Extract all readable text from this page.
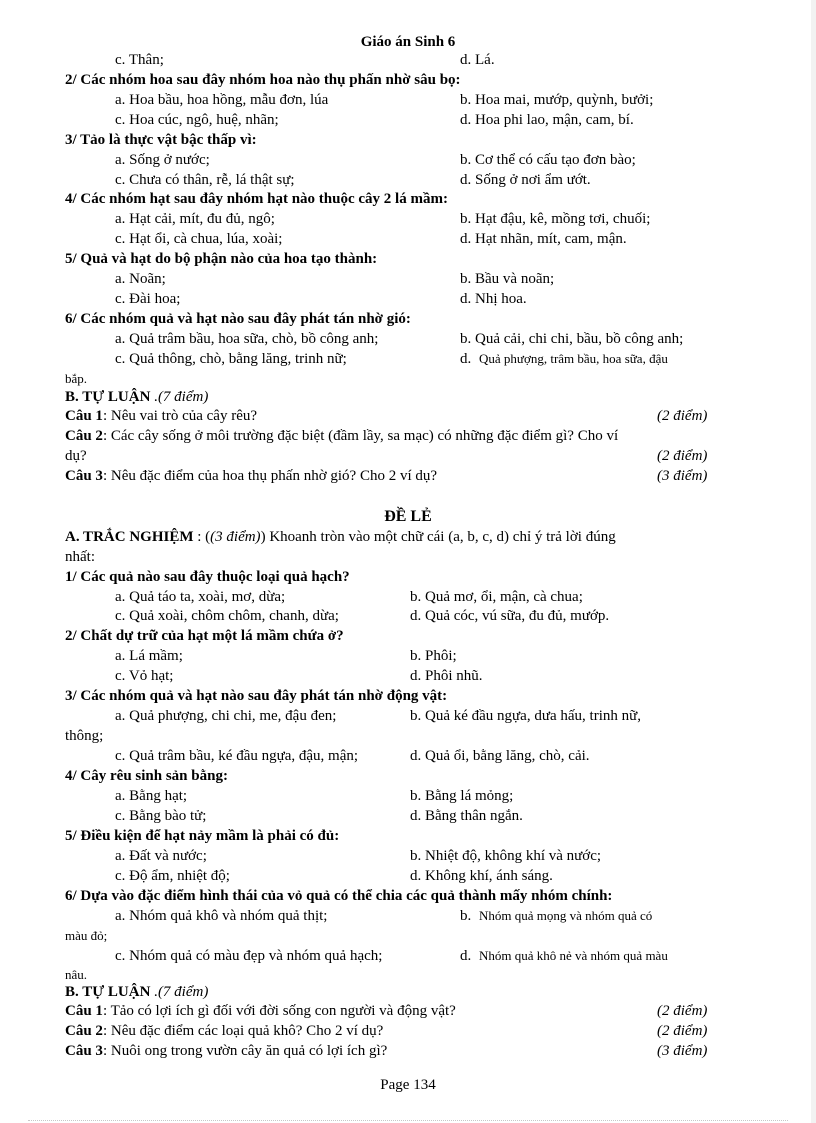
Giáo án Sinh 6
c. Thân;	d. Lá.
2/ Các nhóm hoa sau đây nhóm hoa nào thụ phấn nhờ sâu bọ:
a. Hoa bầu, hoa hồng, mẫu đơn, lúa	b. Hoa mai, mướp, quỳnh, bưởi;
c. Hoa cúc, ngô, huệ, nhãn;	d. Hoa phi lao, mận, cam, bí.
3/ Tảo là thực vật bậc thấp vì:
a. Sống ở nước;	b. Cơ thể có cấu tạo đơn bào;
c. Chưa có thân, rễ, lá thật sự;	d. Sống ở nơi ẩm ướt.
4/ Các nhóm hạt sau đây nhóm hạt nào thuộc cây 2 lá mầm:
a. Hạt cải, mít, đu đủ, ngô;	b. Hạt đậu, kê, mồng tơi, chuối;
c. Hạt ổi, cà chua, lúa, xoài;	d. Hạt nhãn, mít, cam, mận.
5/ Quả và hạt do bộ phận nào của hoa tạo thành:
a. Noãn;	b. Bầu và noãn;
c. Đài hoa;	d. Nhị hoa.
6/ Các nhóm quả và hạt nào sau đây phát tán nhờ gió:
a. Quả trâm bầu, hoa sữa, chò, bồ công anh;	b. Quả cải, chi chi, bầu, bồ công anh;
c. Quả thông, chò, bằng lăng, trinh nữ;	d. Quả phượng, trâm bầu, hoa sữa, đậu
bắp.
B. TỰ LUẬN .(7 điểm)
Câu 1: Nêu vai trò của cây rêu?	(2 điểm)
Câu 2: Các cây sống ở môi trường đặc biệt (đầm lầy, sa mạc) có những đặc điểm gì? Cho ví
dụ?	(2 điểm)
Câu 3: Nêu đặc điểm của hoa thụ phấn nhờ gió? Cho 2 ví dụ?	(3 điểm)
ĐỀ LẺ
A. TRẮC NGHIỆM : ((3 điểm)) Khoanh tròn vào một chữ cái (a, b, c, d) chỉ ý trả lời đúng
nhất:
1/ Các quả nào sau đây thuộc loại quả hạch?
a. Quả táo ta, xoài, mơ, dừa;	b. Quả mơ, ổi, mận, cà chua;
c. Quả xoài, chôm chôm, chanh, dừa;	d. Quả cóc, vú sữa, đu đủ, mướp.
2/ Chất dự trữ của hạt một lá mầm chứa ở?
a. Lá mầm;	b. Phôi;
c. Vỏ hạt;	d. Phôi nhũ.
3/ Các nhóm quả và hạt nào sau đây phát tán nhờ động vật:
a. Quả phượng, chi chi, me, đậu đen;	b. Quả ké đầu ngựa, dưa hấu, trinh nữ,
thông;
c. Quả trâm bầu, ké đầu ngựa, đậu, mận;	d. Quả ổi, bằng lăng, chò, cải.
4/ Cây rêu sinh sản bằng:
a. Bằng hạt;	b. Bằng lá mỏng;
c. Bằng bào tử;	d. Bằng thân ngắn.
5/ Điều kiện để hạt nảy mầm là phải có đủ:
a. Đất và nước;	b. Nhiệt độ, không khí và nước;
c. Độ ẩm, nhiệt độ;	d. Không khí, ánh sáng.
6/ Dựa vào đặc điểm hình thái của vỏ quả có thể chia các quả thành mấy nhóm chính:
a. Nhóm quả khô và nhóm quả thịt;	b. Nhóm quả mọng và nhóm quả có
màu đỏ;
c. Nhóm quả có màu đẹp và nhóm quả hạch;	d. Nhóm quả khô nẻ và nhóm quả màu
nâu.
B. TỰ LUẬN .(7 điểm)
Câu 1: Tảo có lợi ích gì đối với đời sống con người và động vật?	(2 điểm)
Câu 2: Nêu đặc điểm các loại quả khô? Cho 2 ví dụ?	(2 điểm)
Câu 3: Nuôi ong trong vườn cây ăn quả có lợi ích gì?	(3 điểm)
Page 134
